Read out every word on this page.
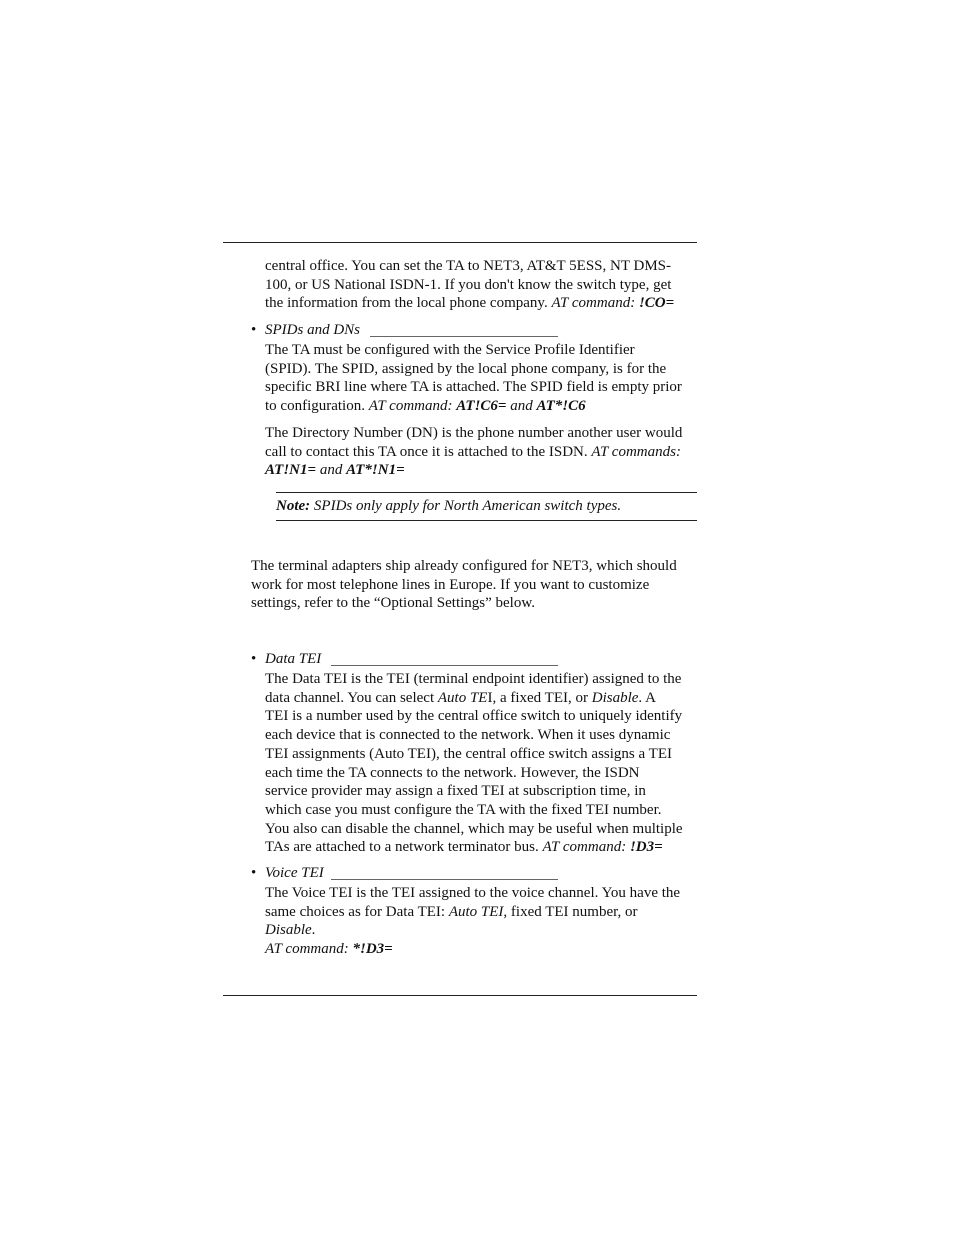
central office. You can set the TA to NET3, AT&T 5ESS, NT DMS-
100, or US National ISDN-1. If you don't know the switch type, get
the information from the local phone company. AT command: !CO=
• SPIDs and DNs
The TA must be configured with the Service Profile Identifier
(SPID). The SPID, assigned by the local phone company, is for the
specific BRI line where TA is attached. The SPID field is empty prior
to configuration. AT command: AT!C6= and AT*!C6
The Directory Number (DN) is the phone number another user would
call to contact this TA once it is attached to the ISDN. AT commands:
AT!N1= and AT*!N1=
Note: SPIDs only apply for North American switch types.
The terminal adapters ship already configured for NET3, which should
work for most telephone lines in Europe. If you want to customize
settings, refer to the “Optional Settings” below.
• Data TEI
The Data TEI is the TEI (terminal endpoint identifier) assigned to the
data channel. You can select Auto TEI, a fixed TEI, or Disable. A
TEI is a number used by the central office switch to uniquely identify
each device that is connected to the network. When it uses dynamic
TEI assignments (Auto TEI), the central office switch assigns a TEI
each time the TA connects to the network. However, the ISDN
service provider may assign a fixed TEI at subscription time, in
which case you must configure the TA with the fixed TEI number.
You also can disable the channel, which may be useful when multiple
TAs are attached to a network terminator bus. AT command: !D3=
• Voice TEI
The Voice TEI is the TEI assigned to the voice channel. You have the
same choices as for Data TEI: Auto TEI, fixed TEI number, or
Disable.
AT command: *!D3=
